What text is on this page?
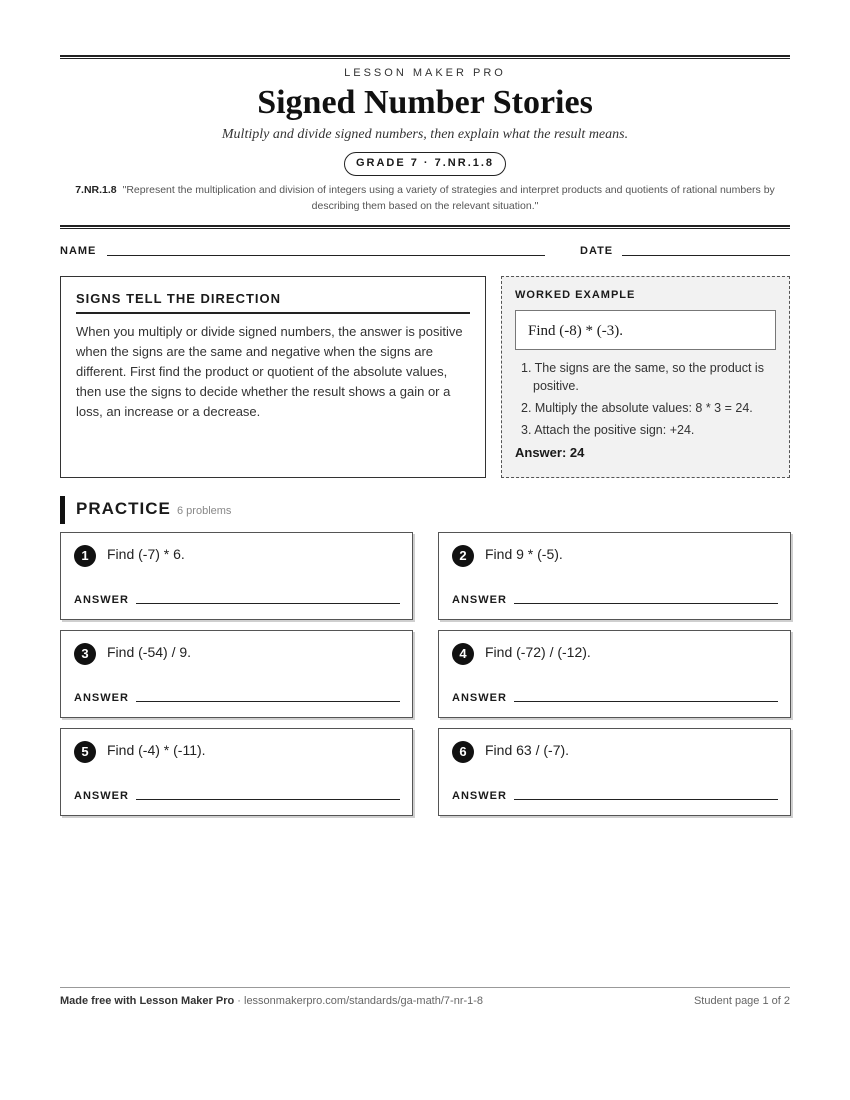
LESSON MAKER PRO
Signed Number Stories
Multiply and divide signed numbers, then explain what the result means.
GRADE 7 · 7.NR.1.8
7.NR.1.8 "Represent the multiplication and division of integers using a variety of strategies and interpret products and quotients of rational numbers by describing them based on the relevant situation."
NAME	DATE
SIGNS TELL THE DIRECTION
When you multiply or divide signed numbers, the answer is positive when the signs are the same and negative when the signs are different. First find the product or quotient of the absolute values, then use the signs to decide whether the result shows a gain or a loss, an increase or a decrease.
WORKED EXAMPLE
Find (-8) * (-3).
1. The signs are the same, so the product is positive.
2. Multiply the absolute values: 8 * 3 = 24.
3. Attach the positive sign: +24.
Answer: 24
PRACTICE 6 problems
1	Find (-7) * 6.
ANSWER
2	Find 9 * (-5).
ANSWER
3	Find (-54) / 9.
ANSWER
4	Find (-72) / (-12).
ANSWER
5	Find (-4) * (-11).
ANSWER
6	Find 63 / (-7).
ANSWER
Made free with Lesson Maker Pro · lessonmakerpro.com/standards/ga-math/7-nr-1-8	Student page 1 of 2
